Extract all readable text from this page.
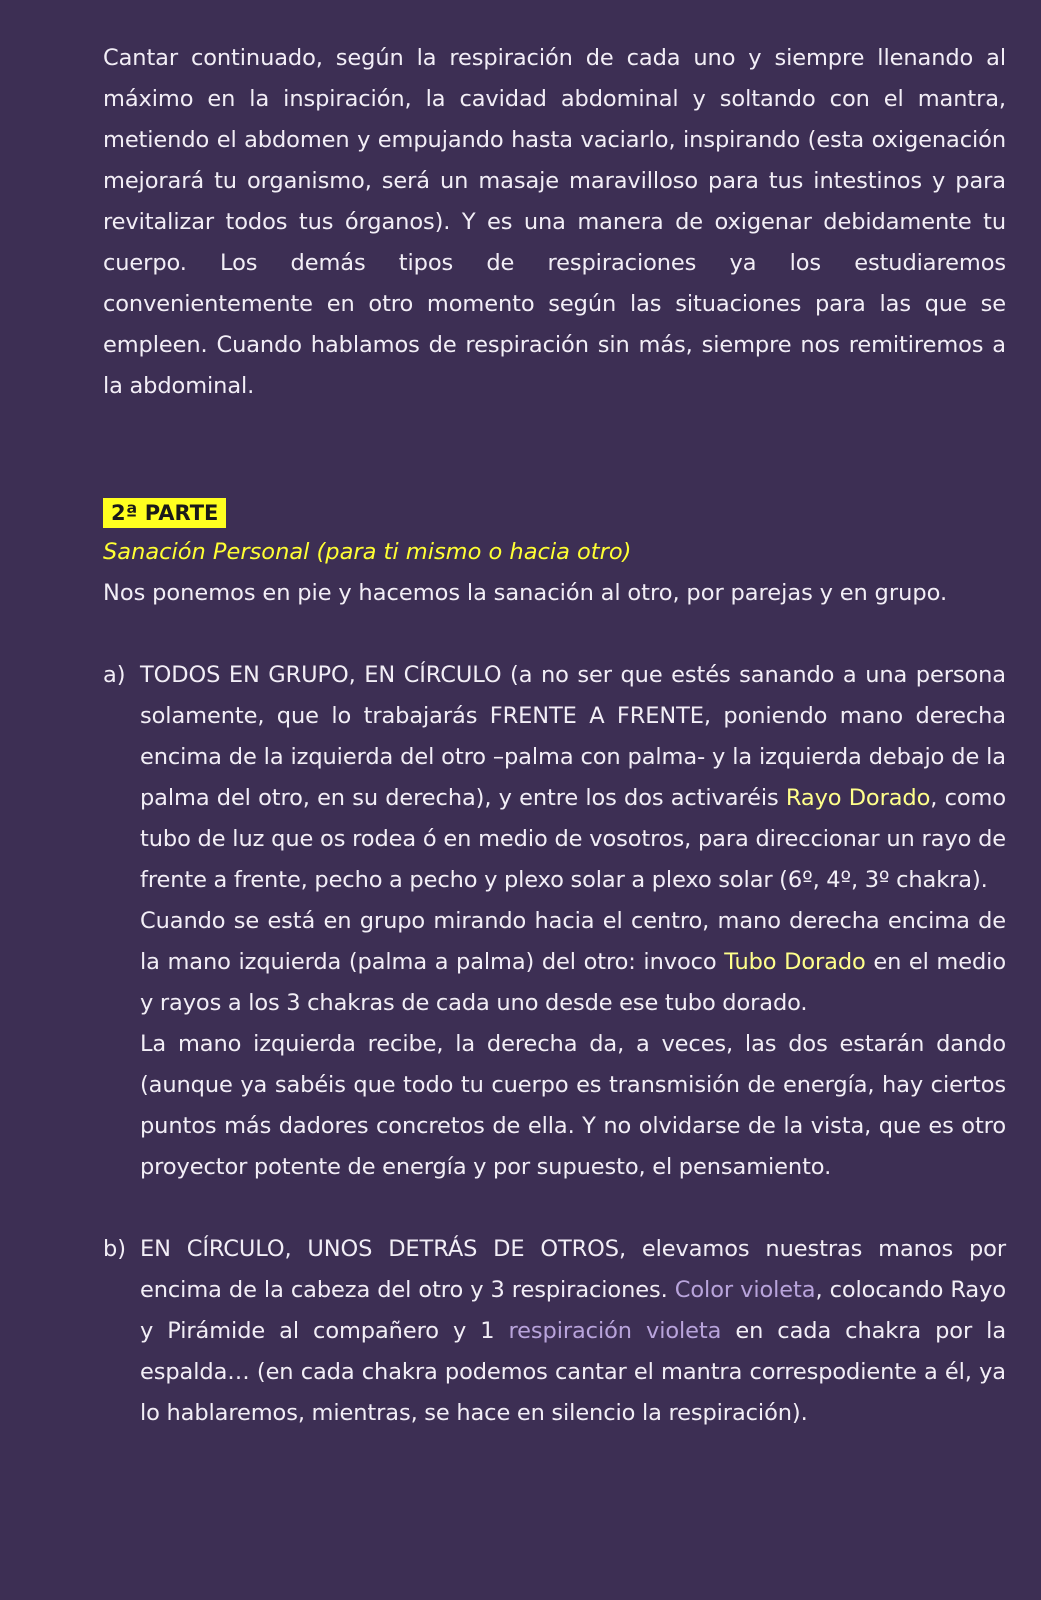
Cantar continuado, según la respiración de cada uno y siempre llenando al máximo en la inspiración, la cavidad abdominal y soltando con el mantra, metiendo el abdomen y empujando hasta vaciarlo, inspirando (esta oxigenación mejorará tu organismo, será un masaje maravilloso para tus intestinos y para revitalizar todos tus órganos). Y es una manera de oxigenar debidamente tu cuerpo. Los demás tipos de respiraciones ya los estudiaremos convenientemente en otro momento según las situaciones para las que se empleen. Cuando hablamos de respiración sin más, siempre nos remitiremos a la abdominal.

2ª PARTE

Sanación Personal (para ti mismo o hacia otro)

Nos ponemos en pie y hacemos la sanación al otro, por parejas y en grupo.

a) TODOS EN GRUPO, EN CÍRCULO (a no ser que estés sanando a una persona solamente, que lo trabajarás FRENTE A FRENTE, poniendo mano derecha encima de la izquierda del otro –palma con palma- y la izquierda debajo de la palma del otro, en su derecha), y entre los dos activaréis Rayo Dorado, como tubo de luz que os rodea ó en medio de vosotros, para direccionar un rayo de frente a frente, pecho a pecho y plexo solar a plexo solar (6º, 4º, 3º chakra).

Cuando se está en grupo mirando hacia el centro, mano derecha encima de la mano izquierda (palma a palma) del otro: invoco Tubo Dorado en el medio y rayos a los 3 chakras de cada uno desde ese tubo dorado.

La mano izquierda recibe, la derecha da, a veces, las dos estarán dando (aunque ya sabéis que todo tu cuerpo es transmisión de energía, hay ciertos puntos más dadores concretos de ella. Y no olvidarse de la vista, que es otro proyector potente de energía y por supuesto, el pensamiento.

b) EN CÍRCULO, UNOS DETRÁS DE OTROS, elevamos nuestras manos por encima de la cabeza del otro y 3 respiraciones. Color violeta, colocando Rayo y Pirámide al compañero y 1 respiración violeta en cada chakra por la espalda… (en cada chakra podemos cantar el mantra correspodiente a él, ya lo hablaremos, mientras, se hace en silencio la respiración).
